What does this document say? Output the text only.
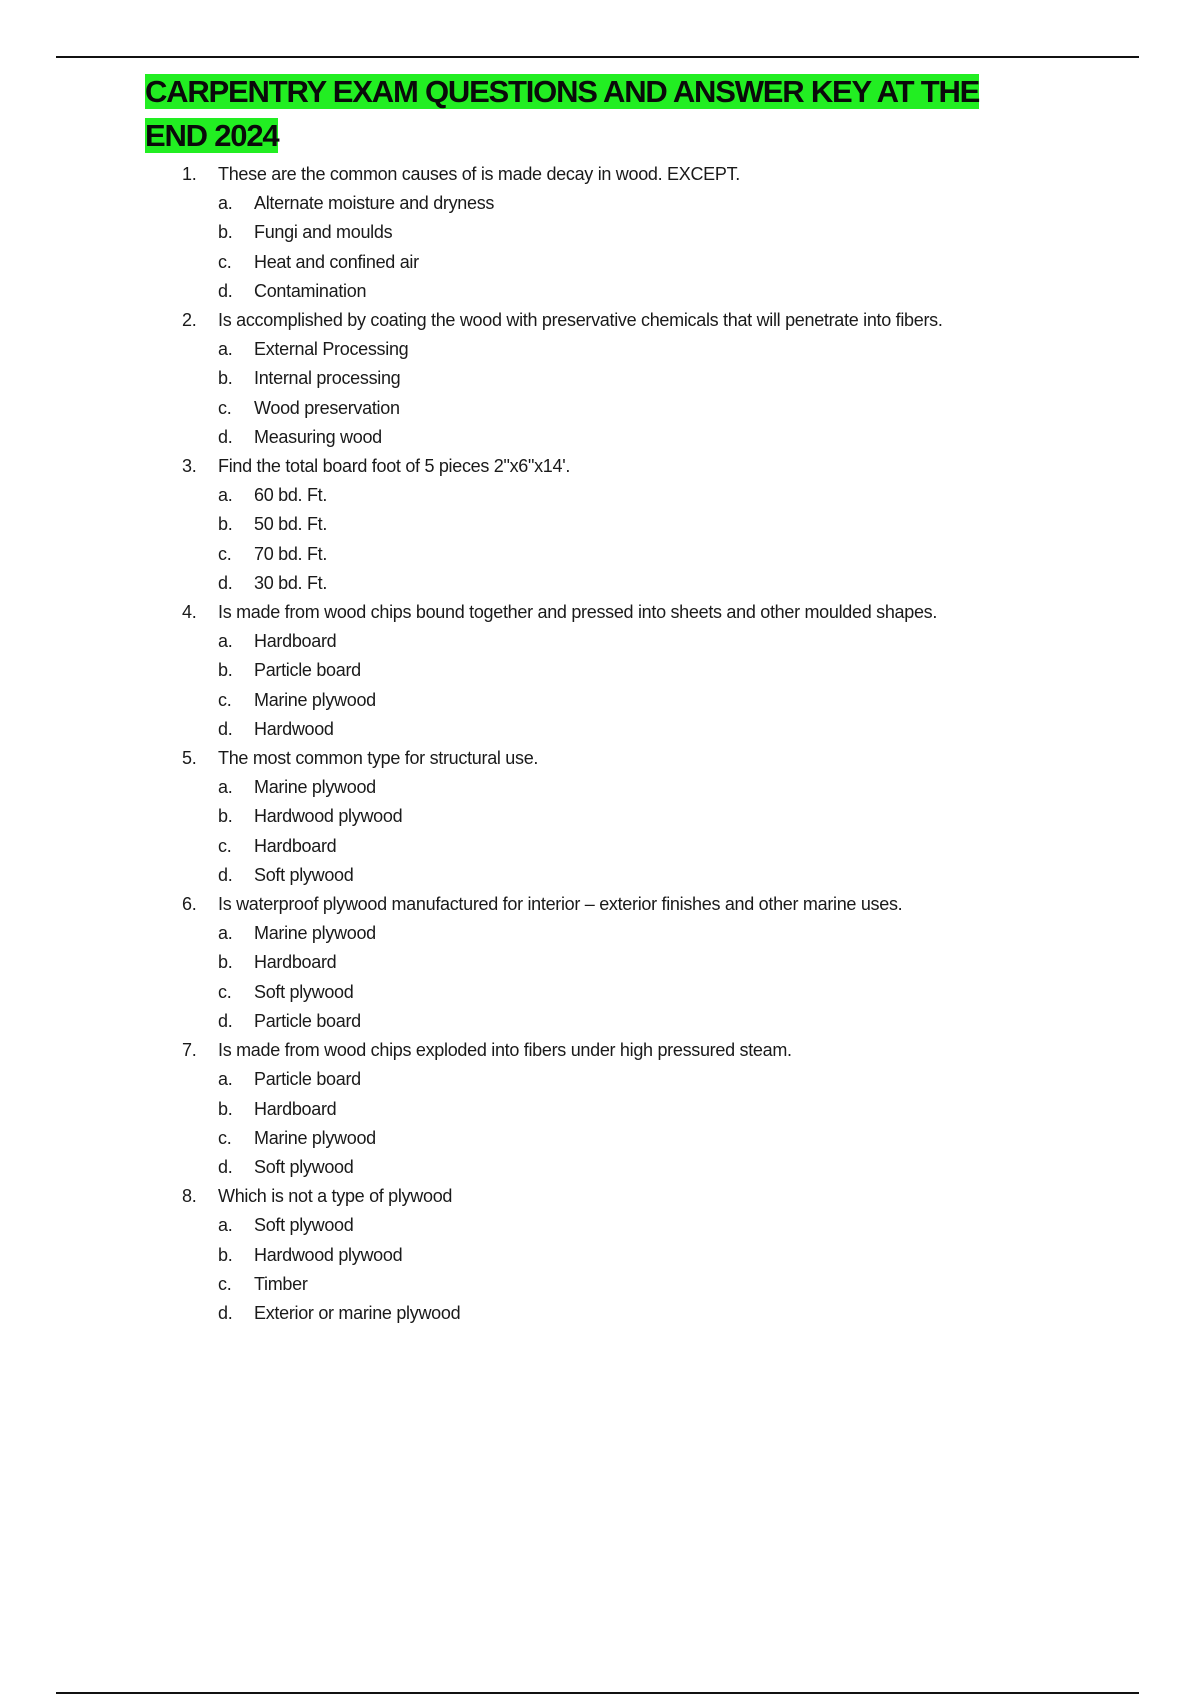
CARPENTRY EXAM QUESTIONS AND ANSWER KEY AT THE END 2024
1.	These are the common causes of is made decay in wood. EXCEPT.
a.	Alternate moisture and dryness
b.	Fungi and moulds
c.	Heat and confined air
d.	Contamination
2.	Is accomplished by coating the wood with preservative chemicals that will penetrate into fibers.
a.	External Processing
b.	Internal processing
c.	Wood preservation
d.	Measuring wood
3.	Find the total board foot of 5 pieces 2"x6"x14'.
a.	60 bd. Ft.
b.	50 bd. Ft.
c.	70 bd. Ft.
d.	30 bd. Ft.
4.	Is made from wood chips bound together and pressed into sheets and other moulded shapes.
a.	Hardboard
b.	Particle board
c.	Marine plywood
d.	Hardwood
5.	The most common type for structural use.
a.	Marine plywood
b.	Hardwood plywood
c.	Hardboard
d.	Soft plywood
6.	Is waterproof plywood manufactured for interior – exterior finishes and other marine uses.
a.	Marine plywood
b.	Hardboard
c.	Soft plywood
d.	Particle board
7.	Is made from wood chips exploded into fibers under high pressured steam.
a.	Particle board
b.	Hardboard
c.	Marine plywood
d.	Soft plywood
8.	Which is not a type of plywood
a.	Soft plywood
b.	Hardwood plywood
c.	Timber
d.	Exterior or marine plywood
